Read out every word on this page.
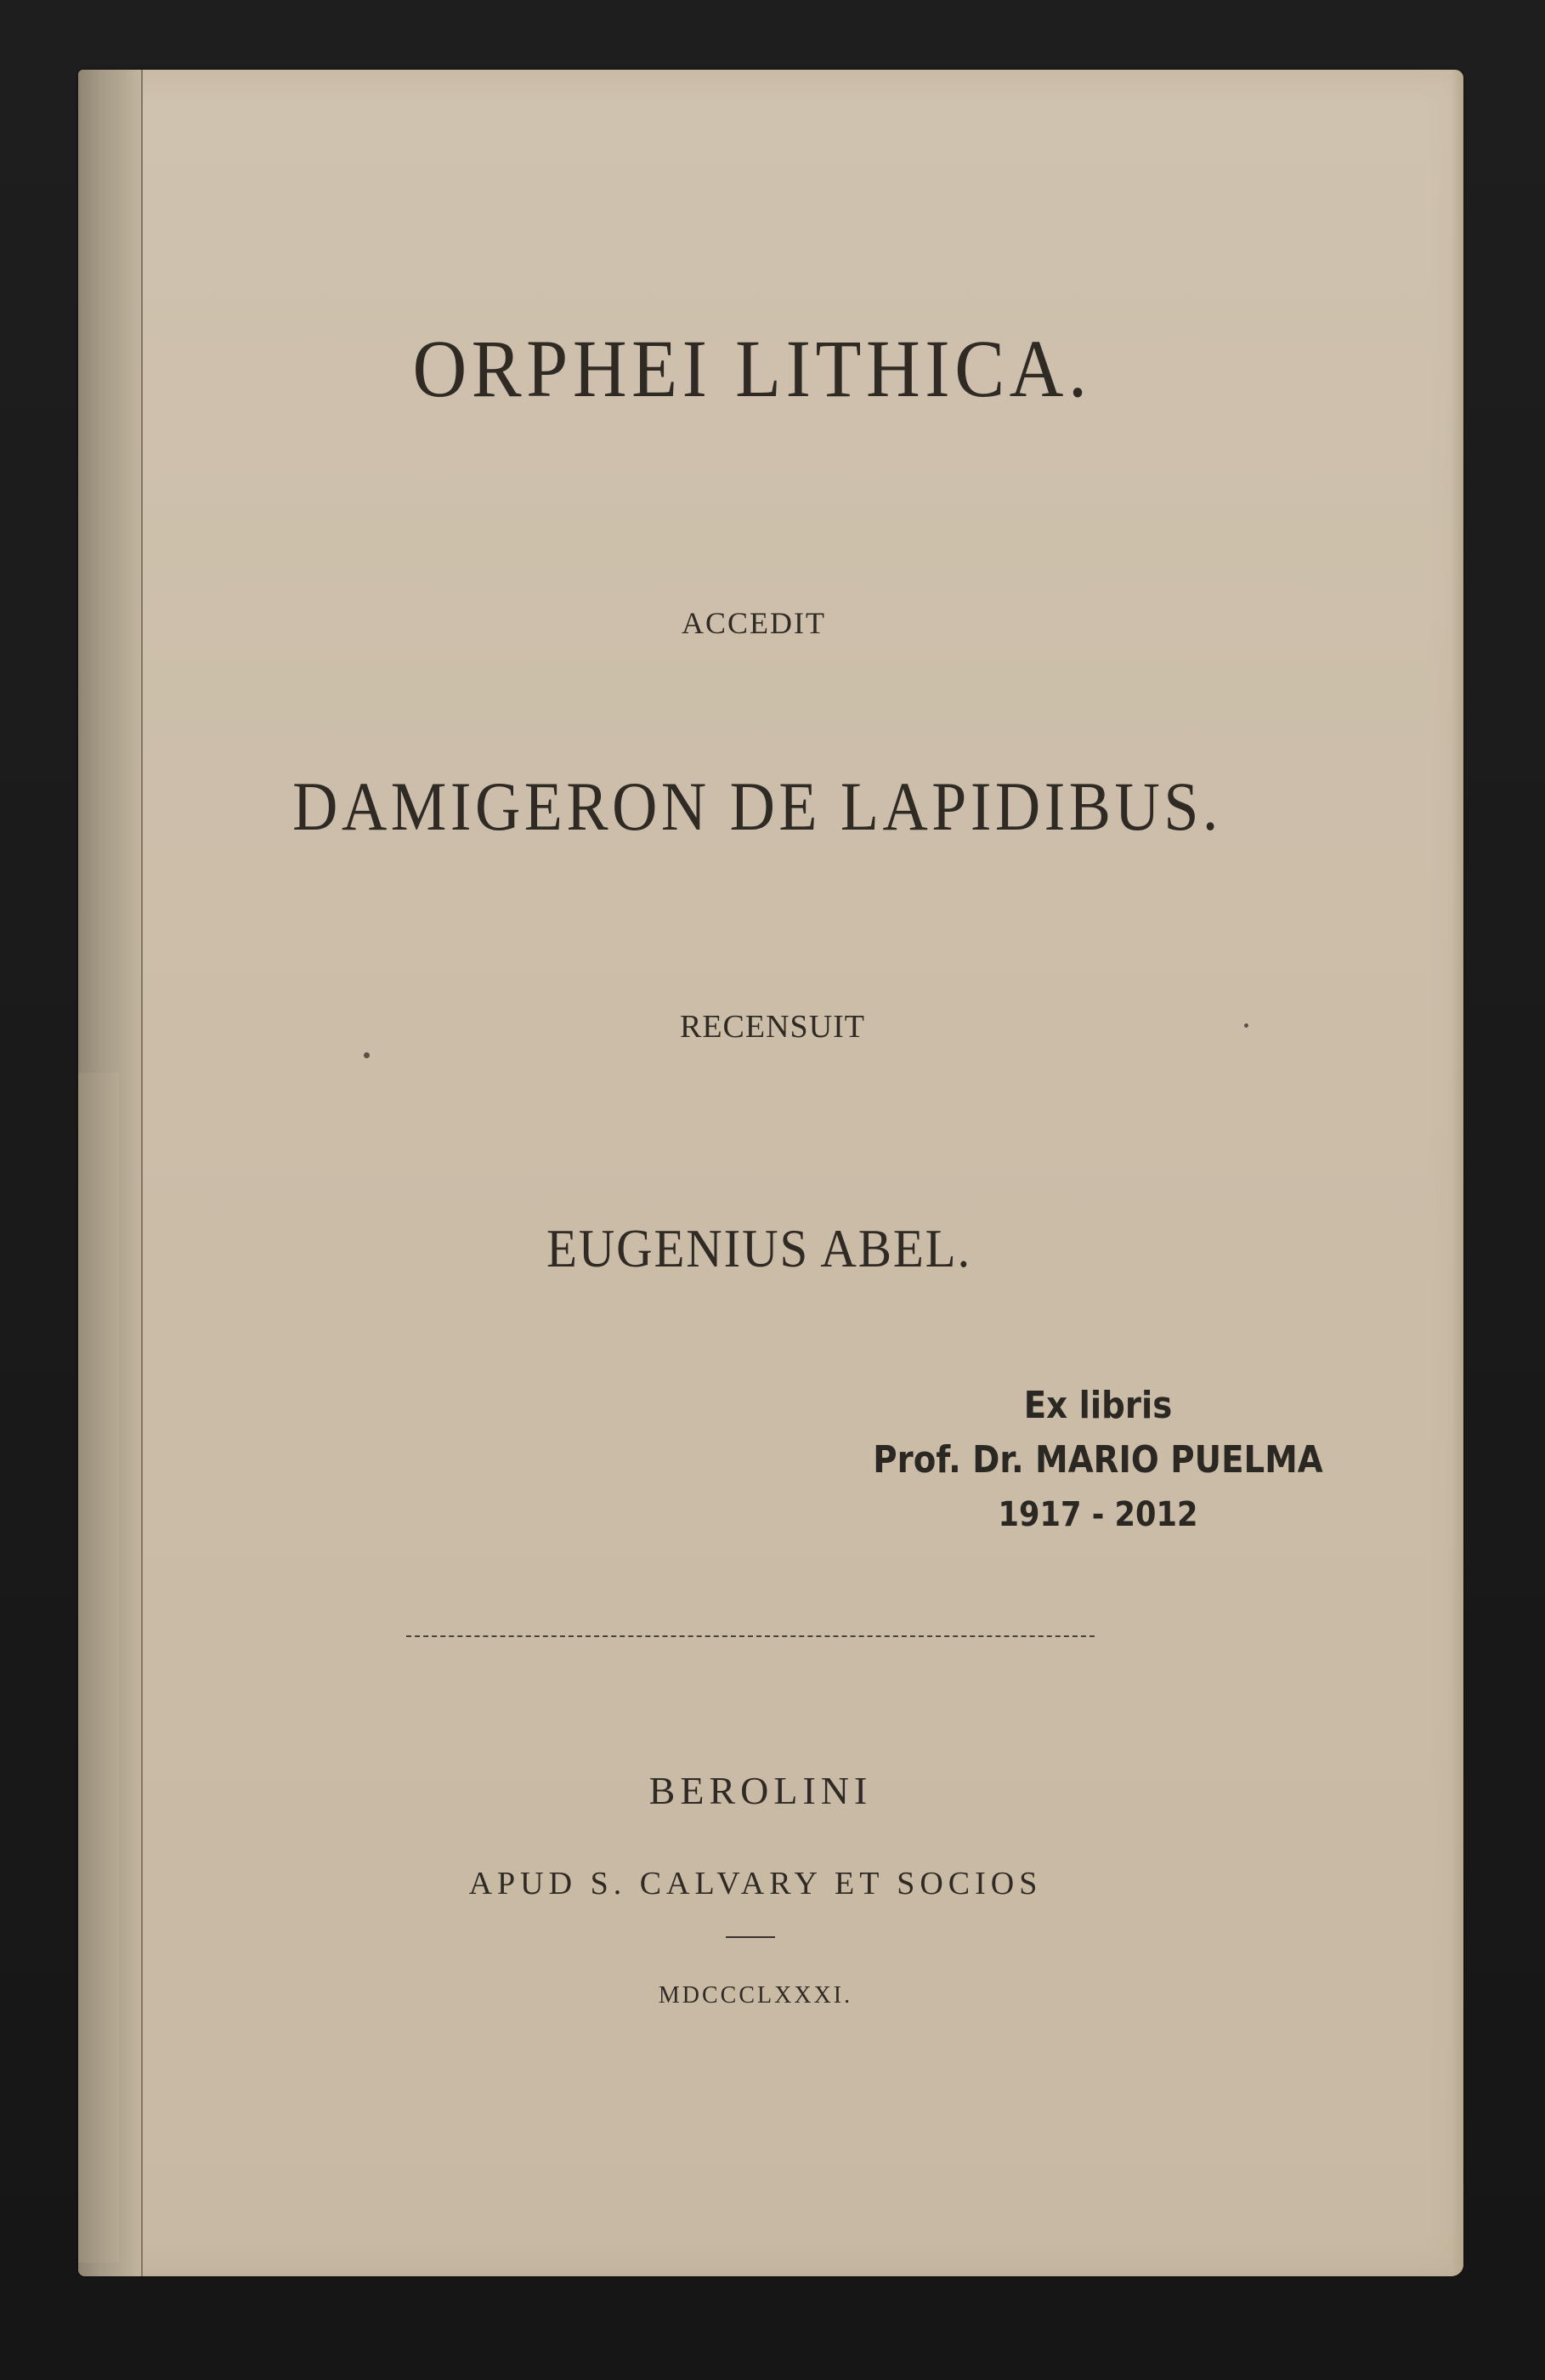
ORPHEI LITHICA.
ACCEDIT
DAMIGERON DE LAPIDIBUS.
RECENSUIT
EUGENIUS ABEL.
Ex libris
Prof. Dr. MARIO PUELMA
1917 - 2012
BEROLINI
APUD S. CALVARY ET SOCIOS
MDCCCLXXXI.
